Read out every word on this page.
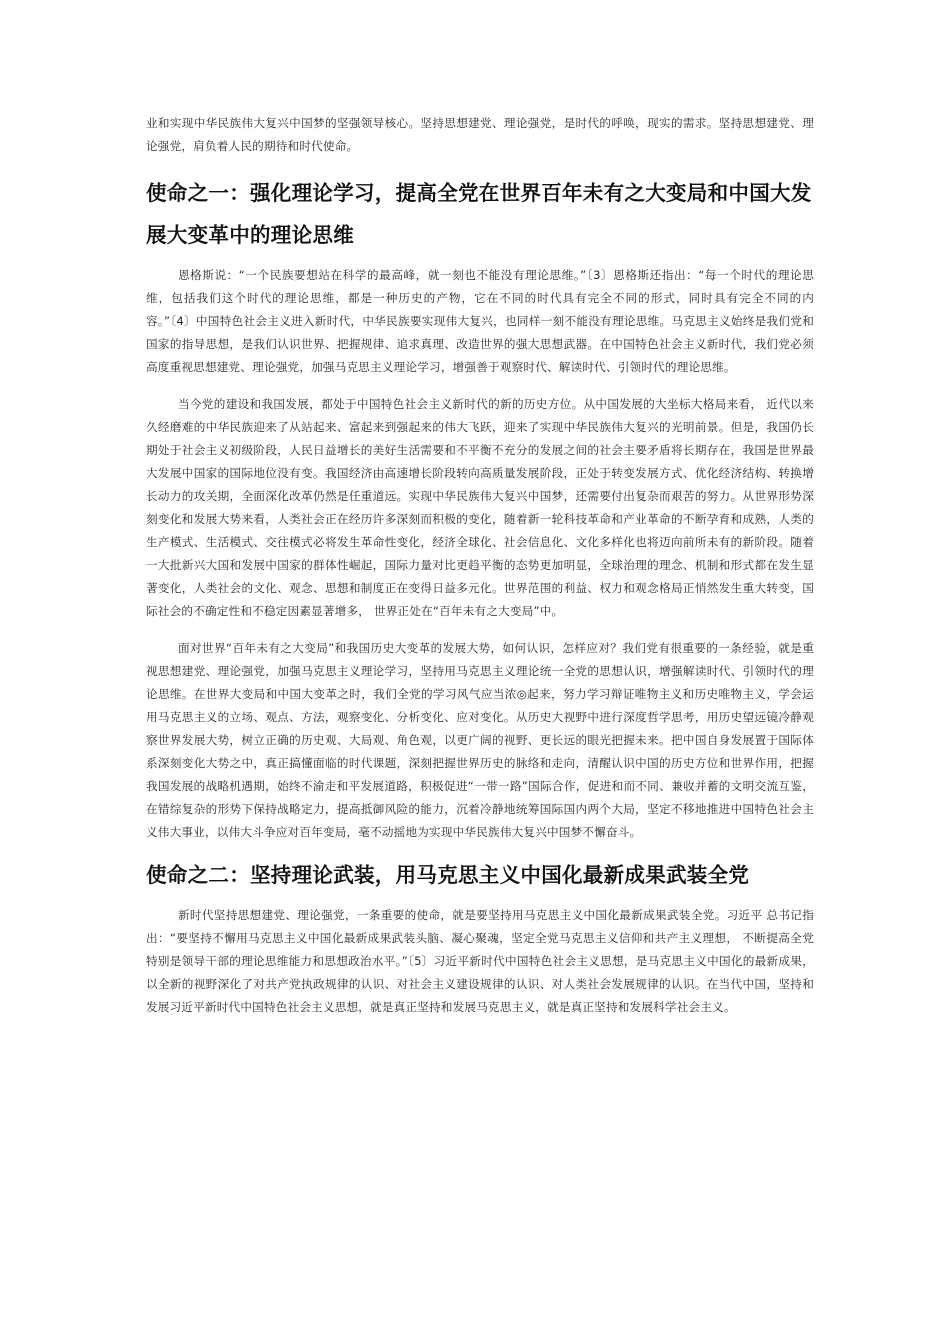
业和实现中华民族伟大复兴中国梦的坚强领导核心。坚持思想建党、理论强党，是时代的呼唤，现实的需求。坚持思想建党、理论强党，肩负着人民的期待和时代使命。

使命之一：强化理论学习，提高全党在世界百年未有之大变局和中国大发展大变革中的理论思维

恩格斯说：“一个民族要想站在科学的最高峰，就一刻也不能没有理论思维。”〔3〕恩格斯还指出：“每一个时代的理论思维，包括我们这个时代的理论思维，都是一种历史的产物，它在不同的时代具有完全不同的形式，同时具有完全不同的内容。”〔4〕中国特色社会主义进入新时代，中华民族要实现伟大复兴，也同样一刻不能没有理论思维。马克思主义始终是我们党和国家的指导思想，是我们认识世界、把握规律、追求真理、改造世界的强大思想武器。在中国特色社会主义新时代，我们党必须高度重视思想建党、理论强党，加强马克思主义理论学习，增强善于观察时代、解读时代、引领时代的理论思维。

当今党的建设和我国发展，都处于中国特色社会主义新时代的新的历史方位。从中国发展的大坐标大格局来看， 近代以来久经磨难的中华民族迎来了从站起来、富起来到强起来的伟大飞跃，迎来了实现中华民族伟大复兴的光明前景。但是，我国仍长期处于社会主义初级阶段，人民日益增长的美好生活需要和不平衡不充分的发展之间的社会主要矛盾将长期存在，我国是世界最大发展中国家的国际地位没有变。我国经济由高速增长阶段转向高质量发展阶段，正处于转变发展方式、优化经济结构、转换增长动力的攻关期，全面深化改革仍然是任重道远。实现中华民族伟大复兴中国梦，还需要付出复杂而艰苦的努力。从世界形势深刻变化和发展大势来看，人类社会正在经历许多深刻而积极的变化，随着新一轮科技革命和产业革命的不断孕育和成熟，人类的生产模式、生活模式、交往模式必将发生革命性变化，经济全球化、社会信息化、文化多样化也将迈向前所未有的新阶段。随着一大批新兴大国和发展中国家的群体性崛起，国际力量对比更趋平衡的态势更加明显，全球治理的理念、机制和形式都在发生显著变化，人类社会的文化、观念、思想和制度正在变得日益多元化。世界范围的利益、权力和观念格局正悄然发生重大转变，国际社会的不确定性和不稳定因素显著增多， 世界正处在“百年未有之大变局”中。

面对世界“百年未有之大变局”和我国历史大变革的发展大势，如何认识，怎样应对？我们党有很重要的一条经验，就是重视思想建党、理论强党，加强马克思主义理论学习，坚持用马克思主义理论统一全党的思想认识，增强解读时代、引领时代的理论思维。在世界大变局和中国大变革之时，我们全党的学习风气应当浓◎起来，努力学习辩证唯物主义和历史唯物主义，学会运用马克思主义的立场、观点、方法，观察变化、分析变化、应对变化。从历史大视野中进行深度哲学思考，用历史望远镜冷静观察世界发展大势，树立正确的历史观、大局观、角色观，以更广阔的视野、更长远的眼光把握未来。把中国自身发展置于国际体系深刻变化大势之中，真正搞懂面临的时代课题，深刻把握世界历史的脉络和走向，清醒认识中国的历史方位和世界作用，把握我国发展的战略机遇期，始终不渝走和平发展道路，积极促进“一带一路”国际合作，促进和而不同、兼收并蓄的文明交流互鉴，在错综复杂的形势下保持战略定力，提高抵御风险的能力，沉着冷静地统筹国际国内两个大局，坚定不移地推进中国特色社会主义伟大事业，以伟大斗争应对百年变局，毫不动摇地为实现中华民族伟大复兴中国梦不懈奋斗。

使命之二：坚持理论武装，用马克思主义中国化最新成果武装全党

新时代坚持思想建党、理论强党，一条重要的使命，就是要坚持用马克思主义中国化最新成果武装全党。习近平 总书记指出：“要坚持不懈用马克思主义中国化最新成果武装头脑、凝心聚魂，坚定全党马克思主义信仰和共产主义理想， 不断提高全党特别是领导干部的理论思维能力和思想政治水平。”〔5〕习近平新时代中国特色社会主义思想，是马克思主义中国化的最新成果，以全新的视野深化了对共产党执政规律的认识、对社会主义建设规律的认识、对人类社会发展规律的认识。在当代中国，坚持和发展习近平新时代中国特色社会主义思想，就是真正坚持和发展马克思主义，就是真正坚持和发展科学社会主义。
